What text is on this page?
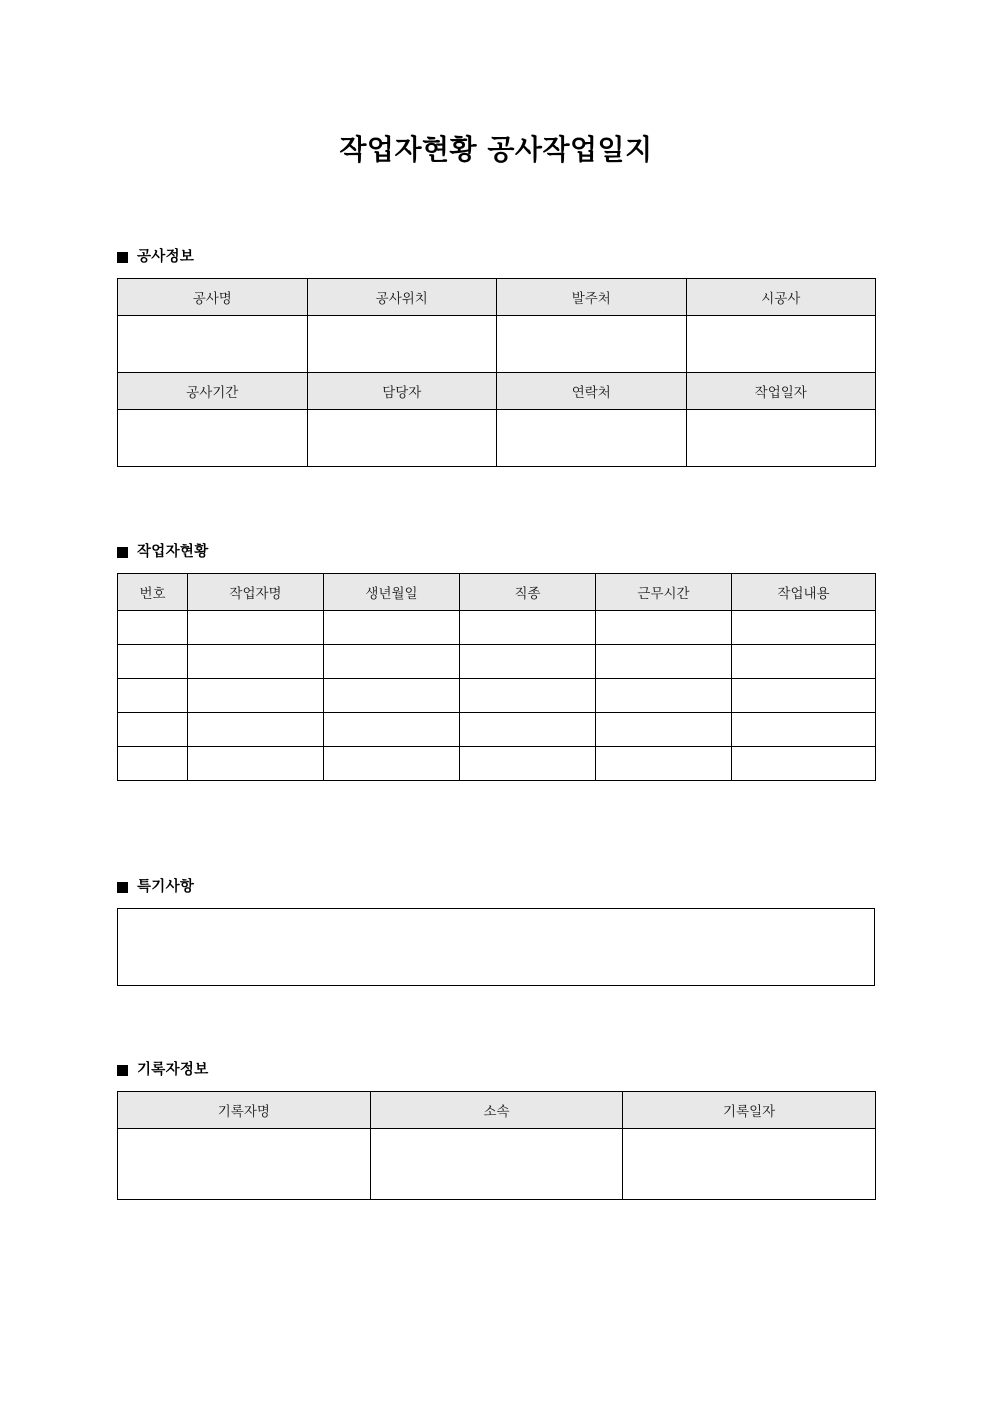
작업자현황 공사작업일지
공사정보
공사명	공사위치	발주처	시공사

공사기간	담당자	연락처	작업일자

작업자현황
번호	작업자명	생년월일	직종	근무시간	작업내용

특기사항
기록자정보
기록자명	소속	기록일자
